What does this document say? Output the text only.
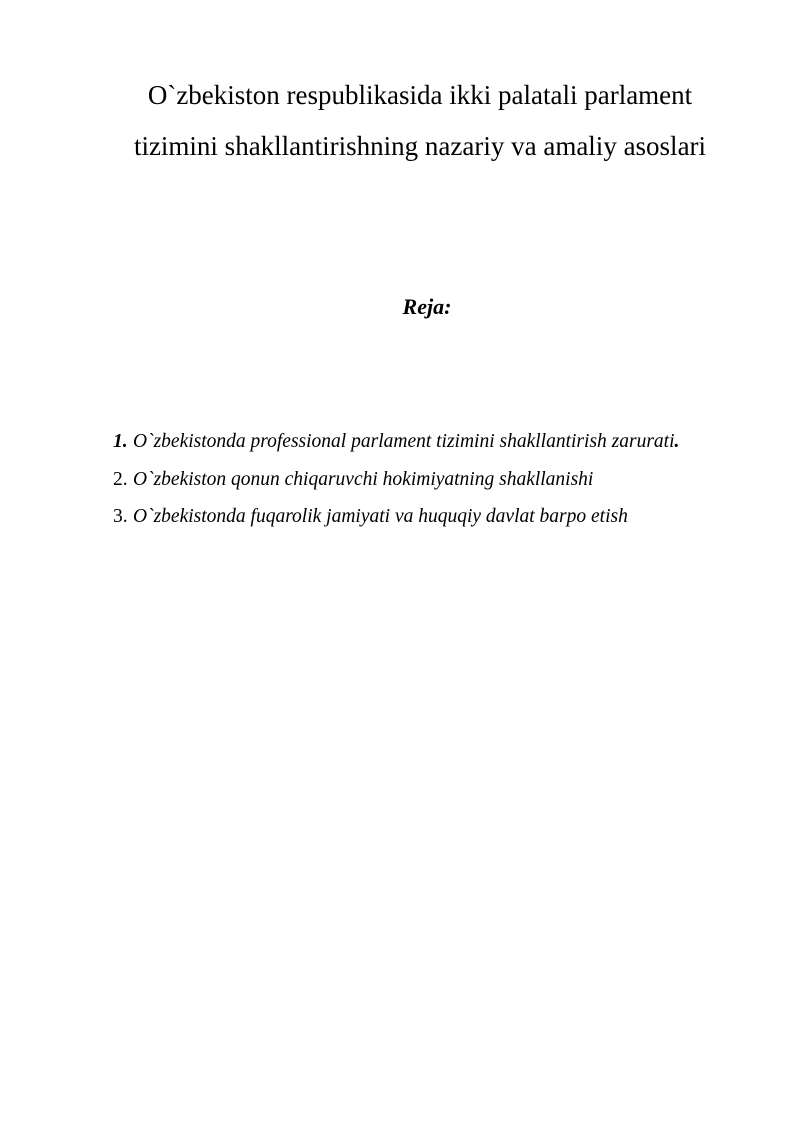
O`zbekiston respublikasida ikki palatali parlament
tizimini shakllantirishning nazariy va amaliy asoslari
Reja:
1. O`zbekistonda professional parlament tizimini shakllantirish zarurati .
2. O`zbekiston qonun chiqaruvchi hokimiyatning shakllanishi
3. O`zbekistonda fuqarolik jamiyati va huquqiy davlat barpo etish
